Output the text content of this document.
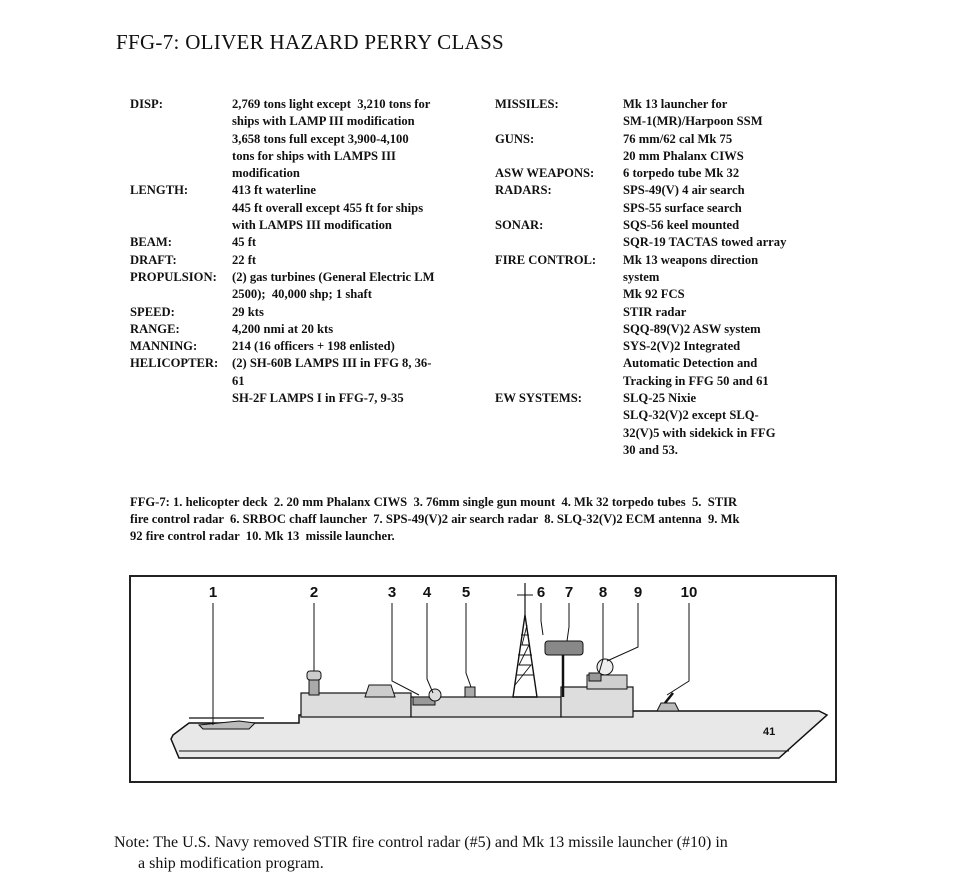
FFG-7: OLIVER HAZARD PERRY CLASS
DISP:	2,769 tons light except  3,210 tons for
ships with LAMP III modification
3,658 tons full except 3,900-4,100
tons for ships with LAMPS III
modification
LENGTH:	413 ft waterline
445 ft overall except 455 ft for ships
with LAMPS III modification
BEAM:	45 ft
DRAFT:	22 ft
PROPULSION: (2) gas turbines (General Electric LM
2500);  40,000 shp; 1 shaft
SPEED:	29 kts
RANGE:	4,200 nmi at 20 kts
MANNING:	214 (16 officers + 198 enlisted)
HELICOPTER: (2) SH-60B LAMPS III in FFG 8, 36-
61
SH-2F LAMPS I in FFG-7, 9-35
MISSILES:	Mk 13 launcher for
SM-1(MR)/Harpoon SSM
GUNS:	76 mm/62 cal Mk 75
20 mm Phalanx CIWS
ASW WEAPONS: 6 torpedo tube Mk 32
RADARS:	SPS-49(V) 4 air search
SPS-55 surface search
SONAR:	SQS-56 keel mounted
SQR-19 TACTAS towed array
FIRE CONTROL: Mk 13 weapons direction
system
Mk 92 FCS
STIR radar
SQQ-89(V)2 ASW system
SYS-2(V)2 Integrated
Automatic Detection and
Tracking in FFG 50 and 61
EW SYSTEMS:	SLQ-25 Nixie
SLQ-32(V)2 except SLQ-
32(V)5 with sidekick in FFG
30 and 53.
FFG-7: 1. helicopter deck  2. 20 mm Phalanx CIWS  3. 76mm single gun mount  4. Mk 32 torpedo tubes  5.  STIR
fire control radar  6. SRBOC chaff launcher  7. SPS-49(V)2 air search radar  8. SLQ-32(V)2 ECM antenna  9. Mk
92 fire control radar  10. Mk 13  missile launcher.
41
1	2	3 4 5	6 7 8 9	10
Note: The U.S. Navy removed STIR fire control radar (#5) and Mk 13 missile launcher (#10) in
a ship modification program.
